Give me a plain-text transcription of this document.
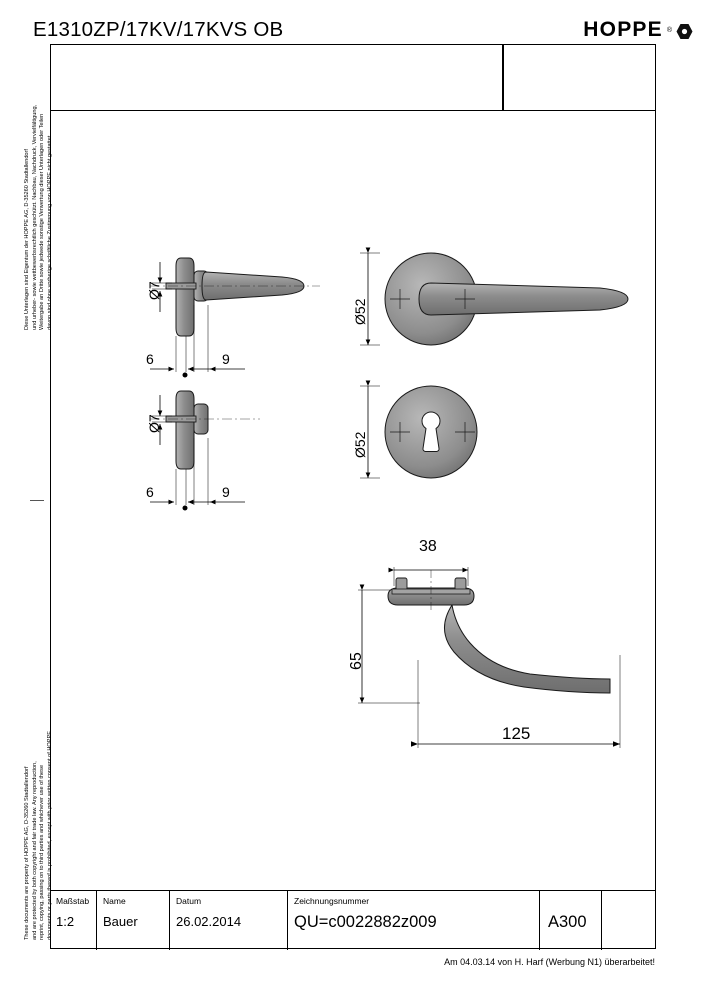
E1310ZP/17KV/17KVS OB
Diese Unterlagen sind Eigentum der HOPPE AG, D-35260 Stadtallendorf und urheber- sowie wettbewerbsrechtlich geschützt. Nachbau, Nachdruck, Vervielfältigung, Weitergabe an Dritte sowie jedwede sonstige Verwertung dieser Unterlagen oder Teilen davon sind ohne vorherige schriftliche Zustimmung von HOPPE nicht gestattet.
These documents are property of HOPPE AG, D-35260 Stadtallendorf and are protected by both copyright and fair trade law. Any reproduction, reprint, copying, passing on to third parties and whichever use of these documents or parts thereof is prohibited, except with prior written consent of HOPPE.
Ø7
Ø7
Ø52
Ø52
6	9
6	9
38
65
125
Maßstab
1:2
Name
Bauer
Datum
26.02.2014
Zeichnungsnummer
QU=c0022882z009	A300
HOPPE ®
Am 04.03.14 von H. Harf (Werbung N1) überarbeitet!
